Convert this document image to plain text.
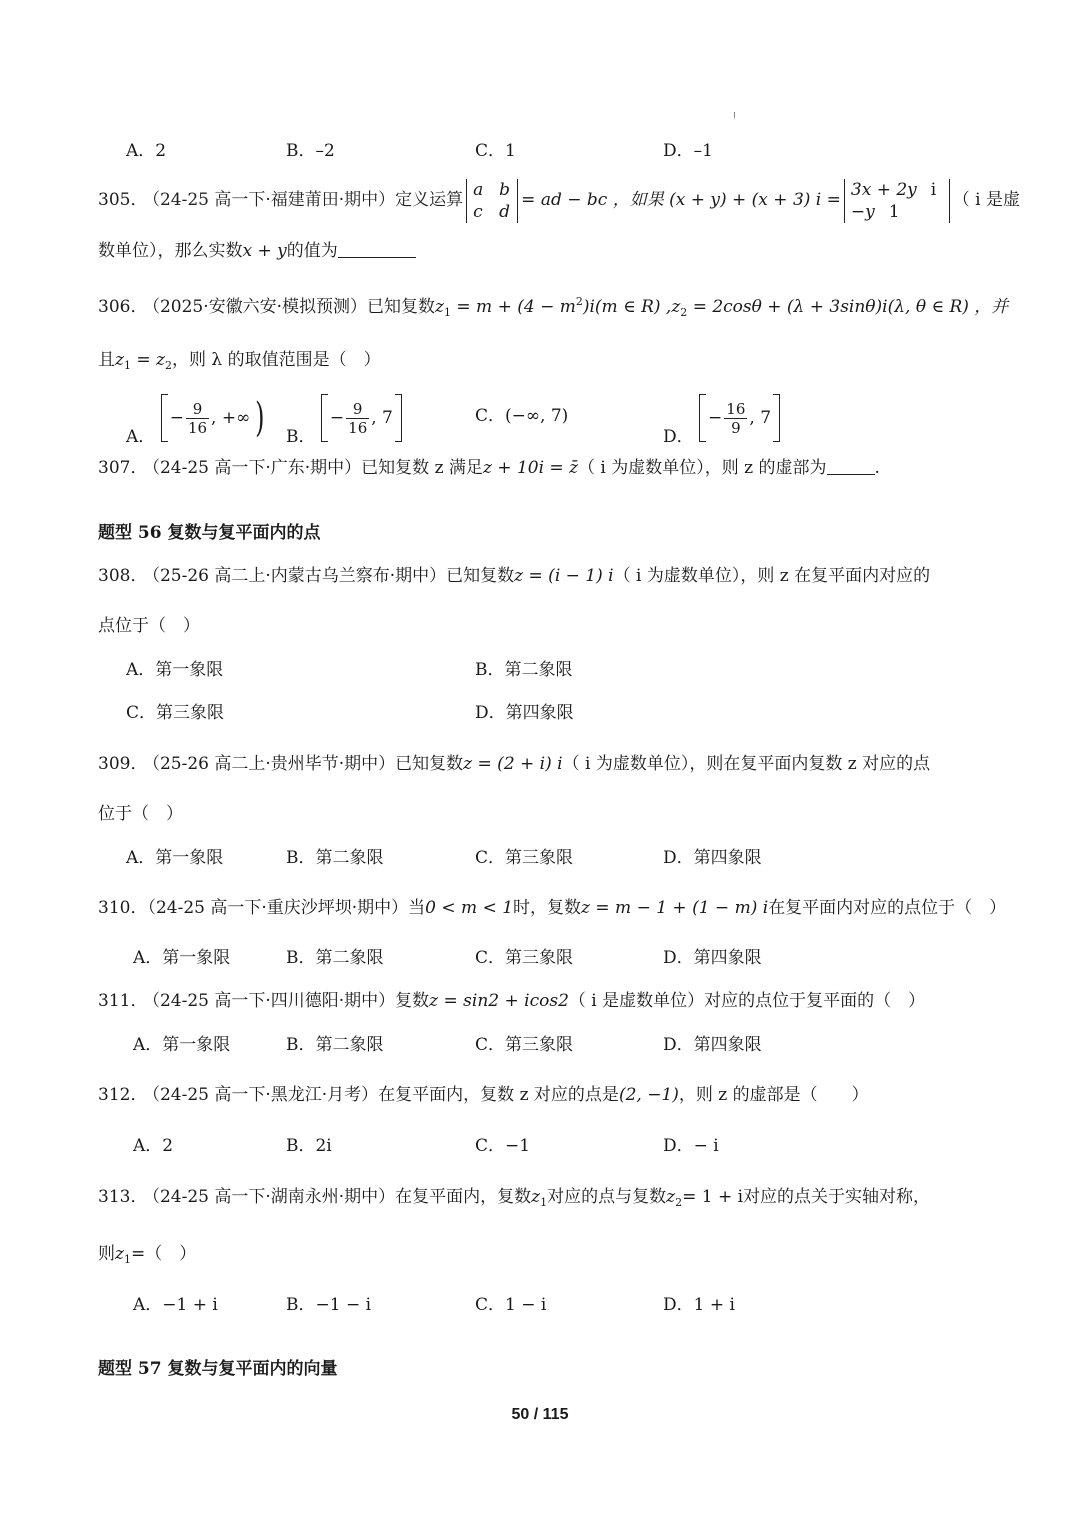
A．2	B．–2	C．1	D．–1
305． （24-25 高一下·福建莆田·期中）定义运算
a b
c d
= ad − bc ，如果 (x + y) + (x + 3) i =
3x + 2y i
−y 1
（ i 是虚
数单位），那么实数x + y的值为
306． （2025·安徽六安·模拟预测）已知复数$z_1 = m + (4 - m^2)i(m$ ∈ R) $,z_2 = 2\cos\theta + (\lambda + 3\sin\theta)i(\lambda$, θ ∈ R) ，并
且$z_1 = z_2$，则 λ 的取值范围是（　）
A．
− $\frac{9}{16}$ , +∞ ) B．
− $\frac{9}{16}$ , 7	C．(−∞, 7)
D．
− $\frac{16}{9}$ , 7
307． （24-25 高一下·广东·期中）已知复数 z 满足z + 10i = z̄（ i 为虚数单位），则 z 的虚部为	.
题型 56 复数与复平面内的点
308． （25-26 高二上·内蒙古乌兰察布·期中）已知复数z = (i − 1) i（ i 为虚数单位），则 z 在复平面内对应的
点位于（　）
A．第一象限	B．第二象限
C．第三象限	D．第四象限
309． （25-26 高二上·贵州毕节·期中）已知复数z = (2 + i) i（ i 为虚数单位），则在复平面内复数 z 对应的点
位于（　）
A．第一象限	B．第二象限	C．第三象限	D．第四象限
310．（24-25 高一下·重庆沙坪坝·期中）当0 < m < 1时，复数z = m − 1 + (1 − m) i在复平面内对应的点位于（　）
A．第一象限	B．第二象限	C．第三象限	D．第四象限
311． （24-25 高一下·四川德阳·期中）复数z = sin2 + icos2（ i 是虚数单位）对应的点位于复平面的（　）
A．第一象限	B．第二象限	C．第三象限	D．第四象限
312． （24-25 高一下·黑龙江·月考）在复平面内，复数 z 对应的点是(2, −1)，则 z 的虚部是（　　）
A．2	B．2i	C．−1	D．− i
313． （24-25 高一下·湖南永州·期中）在复平面内，复数$z_1$对应的点与复数$z_2= 1 + i$对应的点关于实轴对称，
则$z_1=$（　）
A．−1 + i	B．−1 − i	C．1 − i	D．1 + i
题型 57 复数与复平面内的向量
50 / 115
